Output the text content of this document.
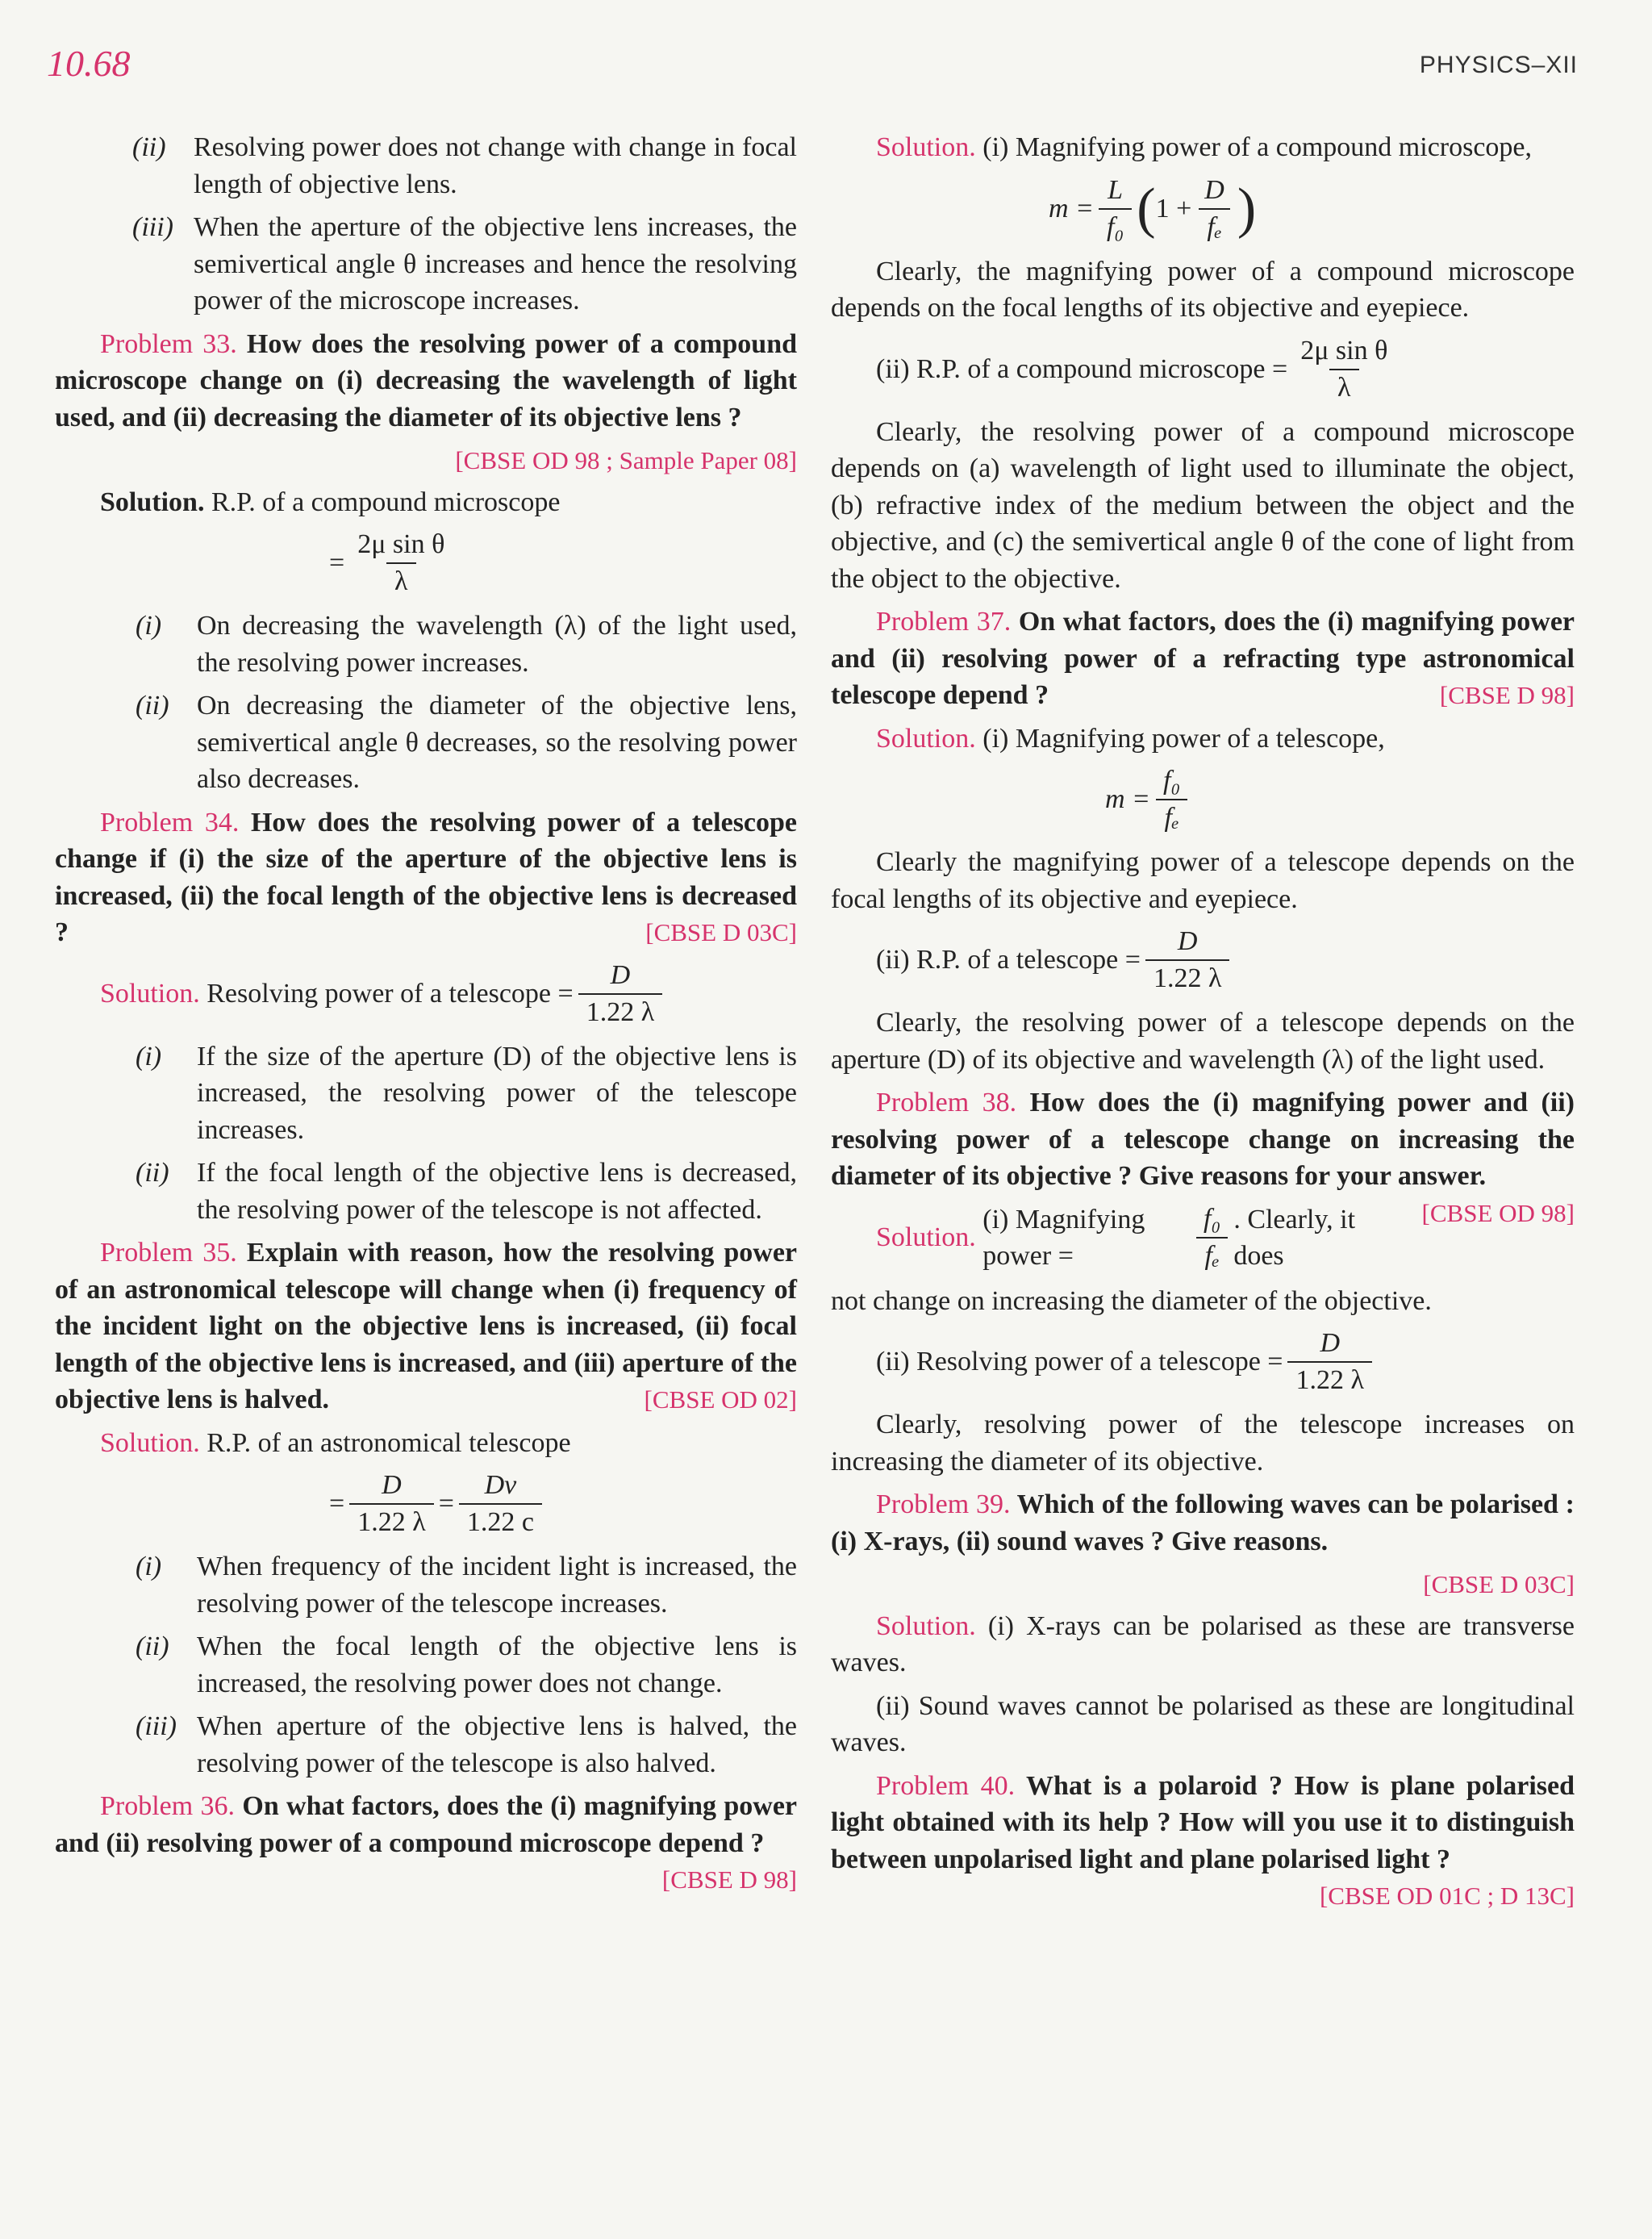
10.68	PHYSICS–XII
(ii) Resolving power does not change with change in focal length of objective lens.
(iii) When the aperture of the objective lens increases, the semivertical angle θ increases and hence the resolving power of the microscope increases.

Problem 33. How does the resolving power of a compound microscope change on (i) decreasing the wavelength of light used, and (ii) decreasing the diameter of its objective lens ?

[CBSE OD 98 ; Sample Paper 08]

Solution. R.P. of a compound microscope

= $\frac{\text{2μ sin θ}}{\lambda}$
(i) On decreasing the wavelength (λ) of the light used, the resolving power increases.
(ii) On decreasing the diameter of the objective lens, semivertical angle θ decreases, so the resolving power also decreases.

Problem 34. How does the resolving power of a telescope change if (i) the size of the aperture of the objective lens is increased, (ii) the focal length of the objective lens is decreased ?	[CBSE D 03C]

Solution.
Resolving power of a telescope = $\frac{D}{1.22 \lambda}$
(i) If the size of the aperture (D) of the objective lens is increased, the resolving power of the telescope increases.
(ii) If the focal length of the objective lens is decreased, the resolving power of the telescope is not affected.

Problem 35. Explain with reason, how the resolving power of an astronomical telescope will change when (i) frequency of the incident light on the objective lens is increased, (ii) focal length of the objective lens is increased, and (iii) aperture of the objective lens is halved.	[CBSE OD 02]

Solution. R.P. of an astronomical telescope

= $\frac{D}{1.22 \lambda} = \frac{D\nu}{1.22 c}$
(i) When frequency of the incident light is increased, the resolving power of the telescope increases.
(ii) When the focal length of the objective lens is increased, the resolving power does not change.
(iii) When aperture of the objective lens is halved, the resolving power of the telescope is also halved.

Problem 36. On what factors, does the (i) magnifying power and (ii) resolving power of a compound microscope depend ?
[CBSE D 98]

Solution. (i) Magnifying power of a compound microscope,

$m = \frac{L}{\text{f₀}}$ ( $1 + \frac{D}{\text{fₑ}}$ )

Clearly, the magnifying power of a compound microscope depends on the focal lengths of its objective and eyepiece.

(ii) R.P. of a compound microscope = $\frac{\text{2μ sin θ}}{\lambda}$

Clearly, the resolving power of a compound microscope depends on (a) wavelength of light used to illuminate the object, (b) refractive index of the medium between the object and the objective, and (c) the semivertical angle θ of the cone of light from the object to the objective.

Problem 37. On what factors, does the (i) magnifying power and (ii) resolving power of a refracting type astronomical telescope depend ?	[CBSE D 98]

Solution. (i) Magnifying power of a telescope,

$m = \frac{\text{f₀}}{\text{fₑ}}$

Clearly the magnifying power of a telescope depends on the focal lengths of its objective and eyepiece.

(ii) R.P. of a telescope = $\frac{D}{1.22 \lambda}$

Clearly, the resolving power of a telescope depends on the aperture (D) of its objective and wavelength (λ) of the light used.

Problem 38. How does the (i) magnifying power and (ii) resolving power of a telescope change on increasing the diameter of its objective ? Give reasons for your answer.
[CBSE OD 98]

Solution.

(i) Magnifying power =	$\frac{\text{f₀}}{\text{fₑ}}$ . Clearly, it does

not change on increasing the diameter of the objective.

(ii) Resolving power of a telescope = $\frac{D}{1.22 \lambda}$

Clearly, resolving power of the telescope increases on increasing the diameter of its objective.

Problem 39. Which of the following waves can be polarised : (i) X-rays, (ii) sound waves ? Give reasons.

[CBSE D 03C]

Solution. (i) X-rays can be polarised as these are transverse waves.

(ii) Sound waves cannot be polarised as these are longitudinal waves.

Problem 40. What is a polaroid ? How is plane polarised light obtained with its help ? How will you use it to distinguish between unpolarised light and plane polarised light ?
[CBSE OD 01C ; D 13C]
